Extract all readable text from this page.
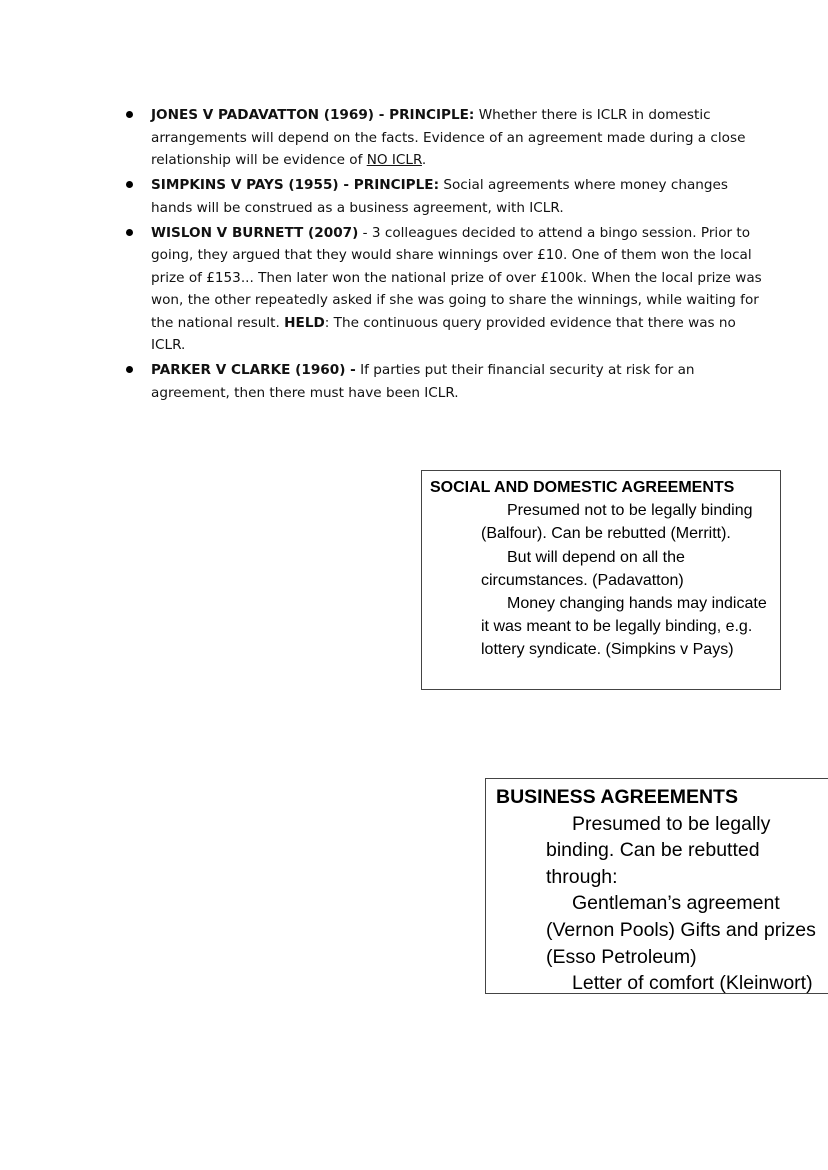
JONES V PADAVATTON (1969) - PRINCIPLE: Whether there is ICLR in domestic arrangements will depend on the facts. Evidence of an agreement made during a close relationship will be evidence of NO ICLR.
SIMPKINS V PAYS (1955) - PRINCIPLE: Social agreements where money changes hands will be construed as a business agreement, with ICLR.
WISLON V BURNETT (2007) - 3 colleagues decided to attend a bingo session. Prior to going, they argued that they would share winnings over £10. One of them won the local prize of £153... Then later won the national prize of over £100k. When the local prize was won, the other repeatedly asked if she was going to share the winnings, while waiting for the national result. HELD: The continuous query provided evidence that there was no ICLR.
PARKER V CLARKE (1960) - If parties put their financial security at risk for an agreement, then there must have been ICLR.
SOCIAL AND DOMESTIC AGREEMENTS

Presumed not to be legally binding (Balfour). Can be rebutted (Merritt).

But will depend on all the circumstances. (Padavatton)

Money changing hands may indicate it was meant to be legally binding, e.g. lottery syndicate. (Simpkins v Pays)

BUSINESS AGREEMENTS
Presumed to be legally
binding. Can be rebutted
through:
Gentleman’s agreement
(Vernon Pools) Gifts and prizes
(Esso Petroleum)
Letter of comfort (Kleinwort)
